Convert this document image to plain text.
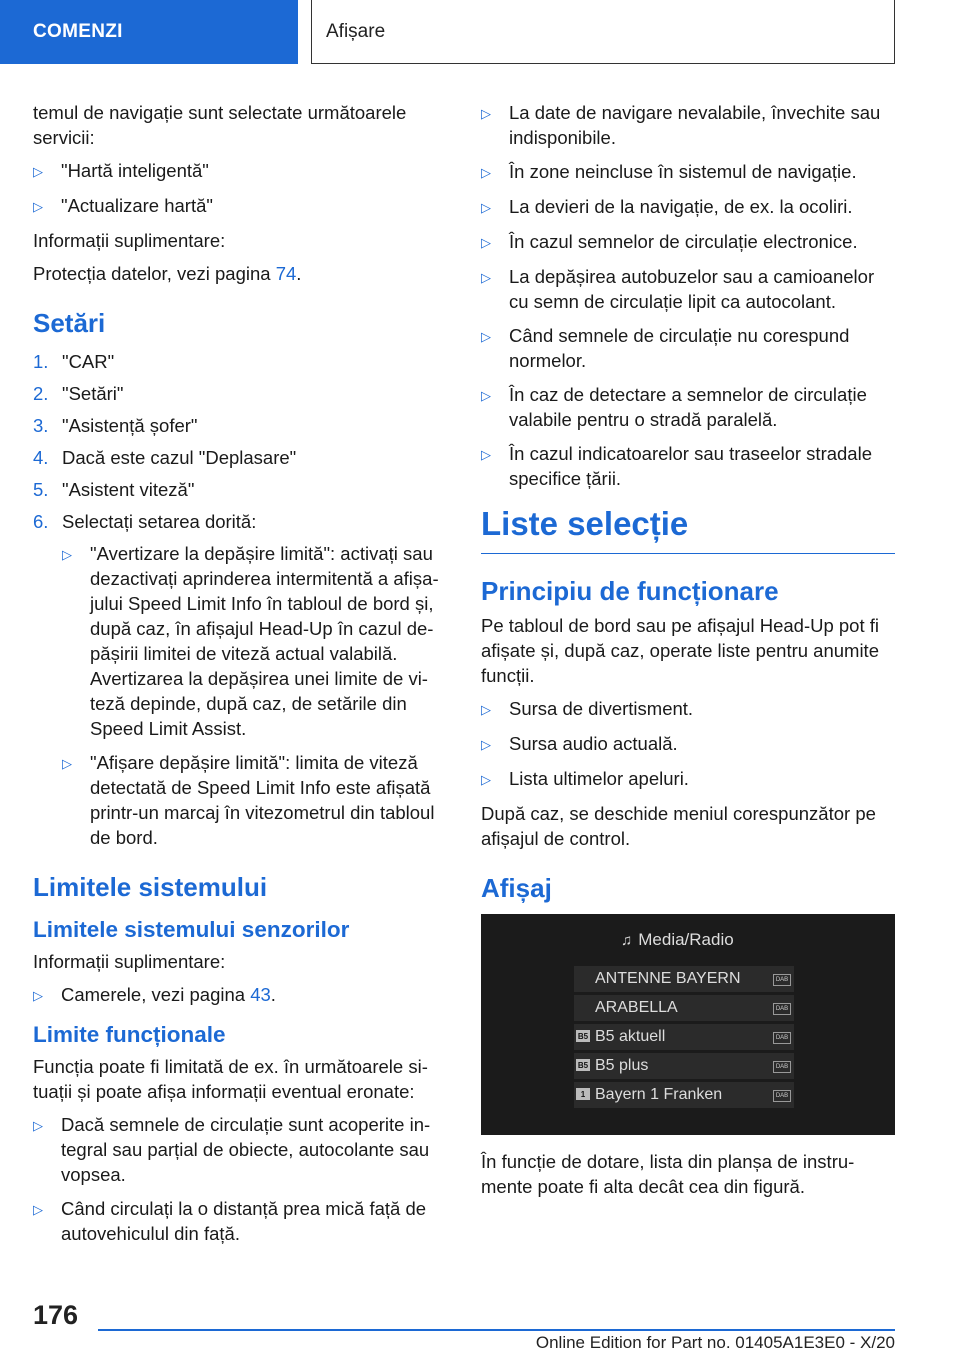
COMENZI	Afișare

temul de navigație sunt selectate următoarele servicii:

▷ "Hartă inteligentă"
▷ "Actualizare hartă"

Informații suplimentare:

Protecția datelor, vezi pagina 74.

Setări
1. "CAR"
2. "Setări"
3. "Asistență șofer"
4. Dacă este cazul "Deplasare"
5. "Asistent viteză"
6. Selectați setarea dorită:
▷ "Avertizare la depășire limită": activați sau dezactivați aprinderea intermitentă a afișa-jului Speed Limit Info în tabloul de bord și, după caz, în afișajul Head-Up în cazul de-pășirii limitei de viteză actual valabilă. Avertizarea la depășirea unei limite de vi-teză depinde, după caz, de setările din Speed Limit Assist.
▷ "Afișare depășire limită": limita de viteză detectată de Speed Limit Info este afișată printr-un marcaj în vitezometrul din tabloul de bord.
Limitele sistemului
Limitele sistemului senzorilor

Informații suplimentare:

▷ Camerele, vezi pagina 43.
Limite funcționale

Funcția poate fi limitată de ex. în următoarele si-tuații și poate afișa informații eventual eronate:

▷ Dacă semnele de circulație sunt acoperite in-tegral sau parțial de obiecte, autocolante sau vopsea.
▷ Când circulați la o distanță prea mică față de autovehiculul din față.
▷ La date de navigare nevalabile, învechite sau indisponibile.
▷ În zone neincluse în sistemul de navigație.
▷ La devieri de la navigație, de ex. la ocoliri.
▷ În cazul semnelor de circulație electronice.
▷ La depășirea autobuzelor sau a camioanelor cu semn de circulație lipit ca autocolant.
▷ Când semnele de circulație nu corespund normelor.
▷ În caz de detectare a semnelor de circulație valabile pentru o stradă paralelă.
▷ În cazul indicatoarelor sau traseelor stradale specifice țării.
Liste selecție
Principiu de funcționare

Pe tabloul de bord sau pe afișajul Head-Up pot fi afișate și, după caz, operate liste pentru anumite funcții.

▷ Sursa de divertisment.
▷ Sursa audio actuală.
▷ Lista ultimelor apeluri.

După caz, se deschide meniul corespunzător pe afișajul de control.

Afișaj
♫ Media/Radio
ANTENNE BAYERN	DAB
ARABELLA	DAB
B5 B5 aktuell	DAB
B5 B5 plus	DAB
1 Bayern 1 Franken	DAB

În funcție de dotare, lista din planșa de instru-mente poate fi alta decât cea din figură.

176
Online Edition for Part no. 01405A1E3E0 - X/20
